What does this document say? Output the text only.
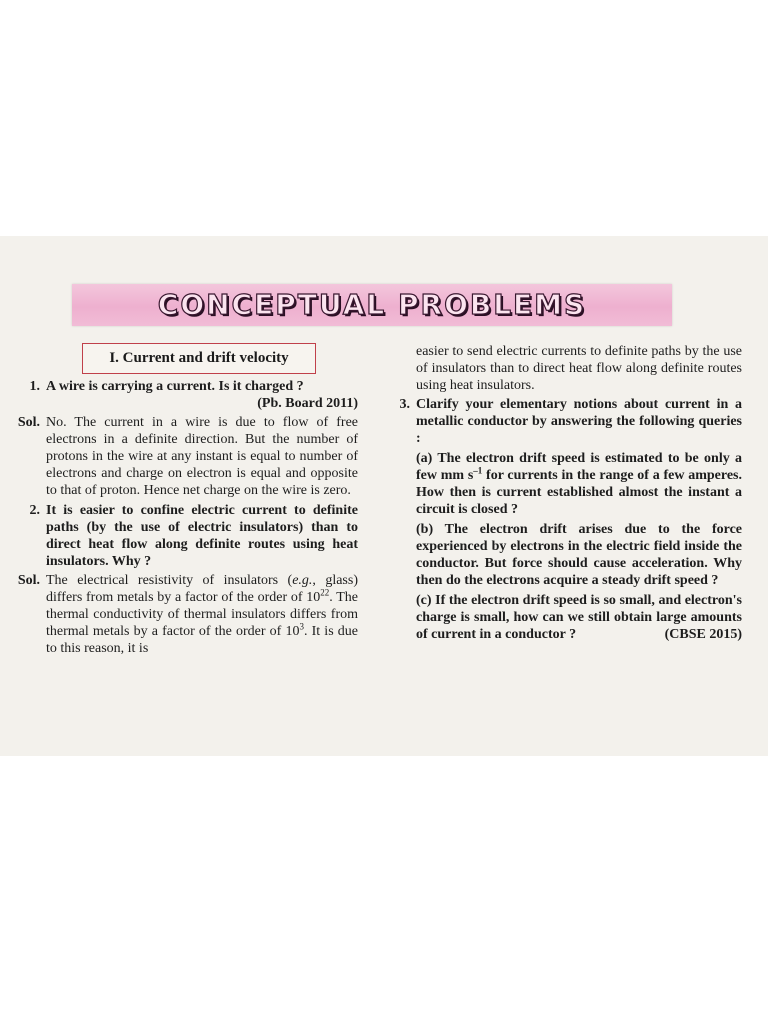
CONCEPTUAL PROBLEMS
I. Current and drift velocity
1. A wire is carrying a current. Is it charged ?
(Pb. Board 2011)
Sol. No. The current in a wire is due to flow of free electrons in a definite direction. But the number of protons in the wire at any instant is equal to number of electrons and charge on electron is equal and opposite to that of proton. Hence net charge on the wire is zero.
2. It is easier to confine electric current to definite paths (by the use of electric insulators) than to direct heat flow along definite routes using heat insulators. Why ?
Sol. The electrical resistivity of insulators (e.g., glass) differs from metals by a factor of the order of $10^{22}$. The thermal conductivity of thermal insulators differs from thermal metals by a factor of the order of $10^3$. It is due to this reason, it is
easier to send electric currents to definite paths by the use of insulators than to direct heat flow along definite routes using heat insulators.
3. Clarify your elementary notions about current in a metallic conductor by answering the following queries :
(a) The electron drift speed is estimated to be only a few mm $s^{-1}$ for currents in the range of a few amperes. How then is current established almost the instant a circuit is closed ?
(b) The electron drift arises due to the force experienced by electrons in the electric field inside the conductor. But force should cause acceleration. Why then do the electrons acquire a steady drift speed ?
(c) If the electron drift speed is so small, and electron's charge is small, how can we still obtain large amounts of current in a conductor ?	(CBSE 2015)
